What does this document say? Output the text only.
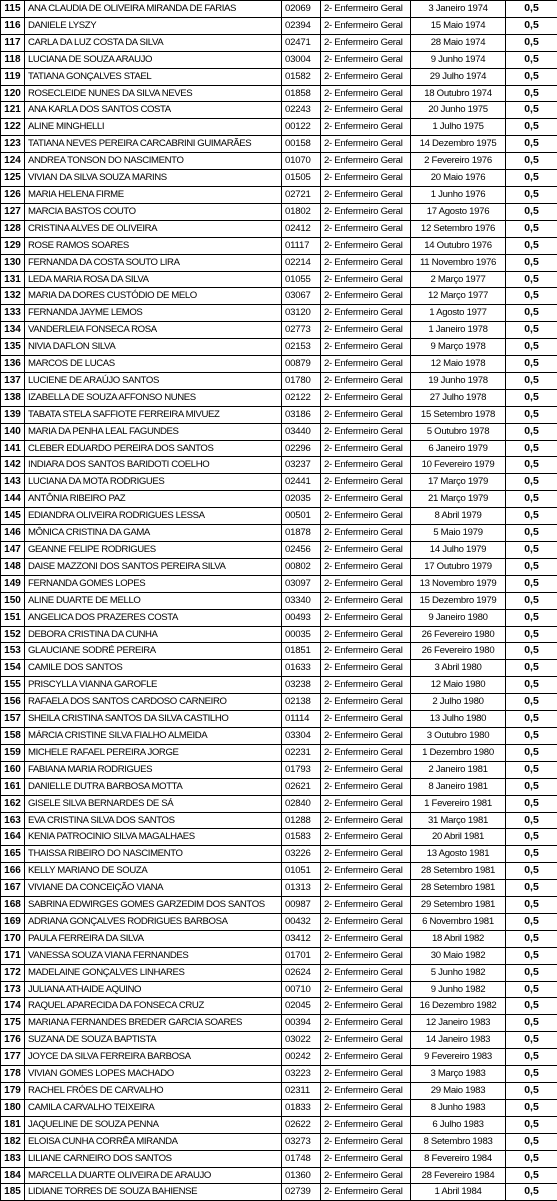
115	ANA CLAUDIA DE OLIVEIRA MIRANDA DE FARIAS	02069	2- Enfermeiro Geral	3 Janeiro 1974	0,5
116	DANIELE LYSZY	02394	2- Enfermeiro Geral	15 Maio 1974	0,5
117	CARLA DA LUZ COSTA DA SILVA	02471	2- Enfermeiro Geral	28 Maio 1974	0,5
118	LUCIANA DE SOUZA ARAUJO	03004	2- Enfermeiro Geral	9 Junho 1974	0,5
119	TATIANA GONÇALVES STAEL	01582	2- Enfermeiro Geral	29 Julho 1974	0,5
120	ROSECLEIDE NUNES DA SILVA NEVES	01858	2- Enfermeiro Geral	18 Outubro 1974	0,5
121	ANA KARLA DOS SANTOS COSTA	02243	2- Enfermeiro Geral	20 Junho 1975	0,5
122	ALINE MINGHELLI	00122	2- Enfermeiro Geral	1 Julho 1975	0,5
123	TATIANA NEVES PEREIRA CARCABRINI GUIMARÃES	00158	2- Enfermeiro Geral	14 Dezembro 1975	0,5
124	ANDREA TONSON DO NASCIMENTO	01070	2- Enfermeiro Geral	2 Fevereiro 1976	0,5
125	VIVIAN DA SILVA SOUZA MARINS	01505	2- Enfermeiro Geral	20 Maio 1976	0,5
126	MARIA HELENA FIRME	02721	2- Enfermeiro Geral	1 Junho 1976	0,5
127	MARCIA BASTOS COUTO	01802	2- Enfermeiro Geral	17 Agosto 1976	0,5
128	CRISTINA ALVES DE OLIVEIRA	02412	2- Enfermeiro Geral	12 Setembro 1976	0,5
129	ROSE RAMOS SOARES	01117	2- Enfermeiro Geral	14 Outubro 1976	0,5
130	FERNANDA DA COSTA SOUTO LIRA	02214	2- Enfermeiro Geral	11 Novembro 1976	0,5
131	LEDA MARIA ROSA DA SILVA	01055	2- Enfermeiro Geral	2 Março 1977	0,5
132	MARIA DA DORES CUSTÓDIO DE MELO	03067	2- Enfermeiro Geral	12 Março 1977	0,5
133	FERNANDA JAYME LEMOS	03120	2- Enfermeiro Geral	1 Agosto 1977	0,5
134	VANDERLEIA FONSECA ROSA	02773	2- Enfermeiro Geral	1 Janeiro 1978	0,5
135	NIVIA DAFLON SILVA	02153	2- Enfermeiro Geral	9 Março 1978	0,5
136	MARCOS DE LUCAS	00879	2- Enfermeiro Geral	12 Maio 1978	0,5
137	LUCIENE DE ARAÚJO SANTOS	01780	2- Enfermeiro Geral	19 Junho 1978	0,5
138	IZABELLA DE SOUZA AFFONSO NUNES	02122	2- Enfermeiro Geral	27 Julho 1978	0,5
139	TABATA STELA SAFFIOTE FERREIRA MIVUEZ	03186	2- Enfermeiro Geral	15 Setembro 1978	0,5
140	MARIA DA PENHA LEAL FAGUNDES	03440	2- Enfermeiro Geral	5 Outubro 1978	0,5
141	CLEBER EDUARDO PEREIRA DOS SANTOS	02296	2- Enfermeiro Geral	6 Janeiro 1979	0,5
142	INDIARA DOS SANTOS BARIDOTI COELHO	03237	2- Enfermeiro Geral	10 Fevereiro 1979	0,5
143	LUCIANA DA MOTA RODRIGUES	02441	2- Enfermeiro Geral	17 Março 1979	0,5
144	ANTÔNIA RIBEIRO PAZ	02035	2- Enfermeiro Geral	21 Março 1979	0,5
145	EDIANDRA OLIVEIRA RODRIGUES LESSA	00501	2- Enfermeiro Geral	8 Abril 1979	0,5
146	MÔNICA CRISTINA DA GAMA	01878	2- Enfermeiro Geral	5 Maio 1979	0,5
147	GEANNE FELIPE RODRIGUES	02456	2- Enfermeiro Geral	14 Julho 1979	0,5
148	DAISE MAZZONI DOS SANTOS PEREIRA SILVA	00802	2- Enfermeiro Geral	17 Outubro 1979	0,5
149	FERNANDA GOMES LOPES	03097	2- Enfermeiro Geral	13 Novembro 1979	0,5
150	ALINE DUARTE DE MELLO	03340	2- Enfermeiro Geral	15 Dezembro 1979	0,5
151	ANGELICA DOS PRAZERES COSTA	00493	2- Enfermeiro Geral	9 Janeiro 1980	0,5
152	DEBORA CRISTINA DA CUNHA	00035	2- Enfermeiro Geral	26 Fevereiro 1980	0,5
153	GLAUCIANE SODRÉ PEREIRA	01851	2- Enfermeiro Geral	26 Fevereiro 1980	0,5
154	CAMILE DOS SANTOS	01633	2- Enfermeiro Geral	3 Abril 1980	0,5
155	PRISCYLLA VIANNA GAROFLE	03238	2- Enfermeiro Geral	12 Maio 1980	0,5
156	RAFAELA DOS SANTOS CARDOSO CARNEIRO	02138	2- Enfermeiro Geral	2 Julho 1980	0,5
157	SHEILA CRISTINA SANTOS DA SILVA CASTILHO	01114	2- Enfermeiro Geral	13 Julho 1980	0,5
158	MÁRCIA CRISTINE SILVA FIALHO ALMEIDA	03304	2- Enfermeiro Geral	3 Outubro 1980	0,5
159	MICHELE RAFAEL PEREIRA JORGE	02231	2- Enfermeiro Geral	1 Dezembro 1980	0,5
160	FABIANA MARIA RODRIGUES	01793	2- Enfermeiro Geral	2 Janeiro 1981	0,5
161	DANIELLE DUTRA BARBOSA MOTTA	02621	2- Enfermeiro Geral	8 Janeiro 1981	0,5
162	GISELE SILVA BERNARDES DE SÁ	02840	2- Enfermeiro Geral	1 Fevereiro 1981	0,5
163	EVA CRISTINA SILVA DOS SANTOS	01288	2- Enfermeiro Geral	31 Março 1981	0,5
164	KENIA PATROCINIO SILVA MAGALHAES	01583	2- Enfermeiro Geral	20 Abril 1981	0,5
165	THAISSA RIBEIRO DO NASCIMENTO	03226	2- Enfermeiro Geral	13 Agosto 1981	0,5
166	KELLY MARIANO DE SOUZA	01051	2- Enfermeiro Geral	28 Setembro 1981	0,5
167	VIVIANE DA CONCEIÇÃO VIANA	01313	2- Enfermeiro Geral	28 Setembro 1981	0,5
168	SABRINA EDWIRGES GOMES GARZEDIM DOS SANTOS	00987	2- Enfermeiro Geral	29 Setembro 1981	0,5
169	ADRIANA GONÇALVES RODRIGUES BARBOSA	00432	2- Enfermeiro Geral	6 Novembro 1981	0,5
170	PAULA FERREIRA DA SILVA	03412	2- Enfermeiro Geral	18 Abril 1982	0,5
171	VANESSA SOUZA VIANA FERNANDES	01701	2- Enfermeiro Geral	30 Maio 1982	0,5
172	MADELAINE GONÇALVES LINHARES	02624	2- Enfermeiro Geral	5 Junho 1982	0,5
173	JULIANA ATHAIDE AQUINO	00710	2- Enfermeiro Geral	9 Junho 1982	0,5
174	RAQUEL APARECIDA DA FONSECA CRUZ	02045	2- Enfermeiro Geral	16 Dezembro 1982	0,5
175	MARIANA FERNANDES BREDER GARCIA SOARES	00394	2- Enfermeiro Geral	12 Janeiro 1983	0,5
176	SUZANA DE SOUZA BAPTISTA	03022	2- Enfermeiro Geral	14 Janeiro 1983	0,5
177	JOYCE DA SILVA FERREIRA BARBOSA	00242	2- Enfermeiro Geral	9 Fevereiro 1983	0,5
178	VIVIAN GOMES LOPES MACHADO	03223	2- Enfermeiro Geral	3 Março 1983	0,5
179	RACHEL FRÓES DE CARVALHO	02311	2- Enfermeiro Geral	29 Maio 1983	0,5
180	CAMILA CARVALHO TEIXEIRA	01833	2- Enfermeiro Geral	8 Junho 1983	0,5
181	JAQUELINE DE SOUZA PENNA	02622	2- Enfermeiro Geral	6 Julho 1983	0,5
182	ELOISA CUNHA CORRÊA MIRANDA	03273	2- Enfermeiro Geral	8 Setembro 1983	0,5
183	LILIANE CARNEIRO DOS SANTOS	01748	2- Enfermeiro Geral	8 Fevereiro 1984	0,5
184	MARCELLA DUARTE OLIVEIRA DE ARAUJO	01360	2- Enfermeiro Geral	28 Fevereiro 1984	0,5
185	LIDIANE TORRES DE SOUZA BAHIENSE	02739	2- Enfermeiro Geral	1 Abril 1984	0,5
